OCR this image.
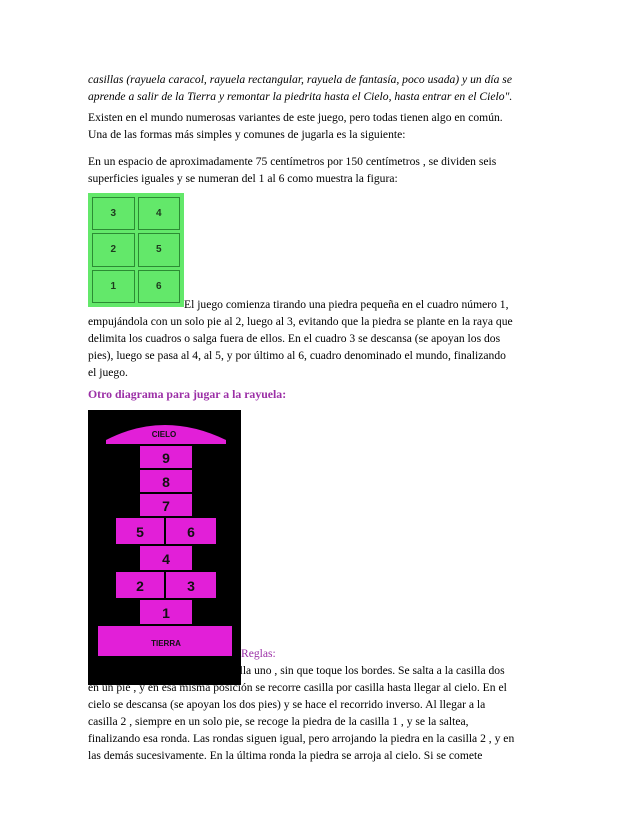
casillas (rayuela caracol, rayuela rectangular, rayuela de fantasía, poco usada) y un día se

aprende a salir de la Tierra y remontar la piedrita hasta el Cielo, hasta entrar en el Cielo".

Existen en el mundo numerosas variantes de este juego, pero todas tienen algo en común.

Una de las formas más simples y comunes de jugarla es la siguiente:

En un espacio de aproximadamente 75 centímetros por 150 centímetros , se dividen seis

superficies iguales y se numeran del 1 al 6 como muestra la figura:

3	4
2	5
1	6

El juego comienza tirando una piedra pequeña en el cuadro número 1,

empujándola con un solo pie al 2, luego al 3, evitando que la piedra se plante en la raya que

delimita los cuadros o salga fuera de ellos. En el cuadro 3 se descansa (se apoyan los dos

pies), luego se pasa al 4, al 5, y por último al 6, cuadro denominado el mundo, finalizando

el juego.

Otro diagrama para jugar a la rayuela:

CIELO
9
8
7
5	6
4
2	3
1
TIERRA

Reglas:

Se tira la piedra dentro de la casilla uno , sin que toque los bordes. Se salta a la casilla dos

en un pie , y en esa misma posición se recorre casilla por casilla hasta llegar al cielo. En el

cielo se descansa (se apoyan los dos pies) y se hace el recorrido inverso. Al llegar a la

casilla 2 , siempre en un solo pie, se recoge la piedra de la casilla 1 , y se la saltea,

finalizando esa ronda. Las rondas siguen igual, pero arrojando la piedra en la casilla 2 , y en

las demás sucesivamente. En la última ronda la piedra se arroja al cielo. Si se comete
